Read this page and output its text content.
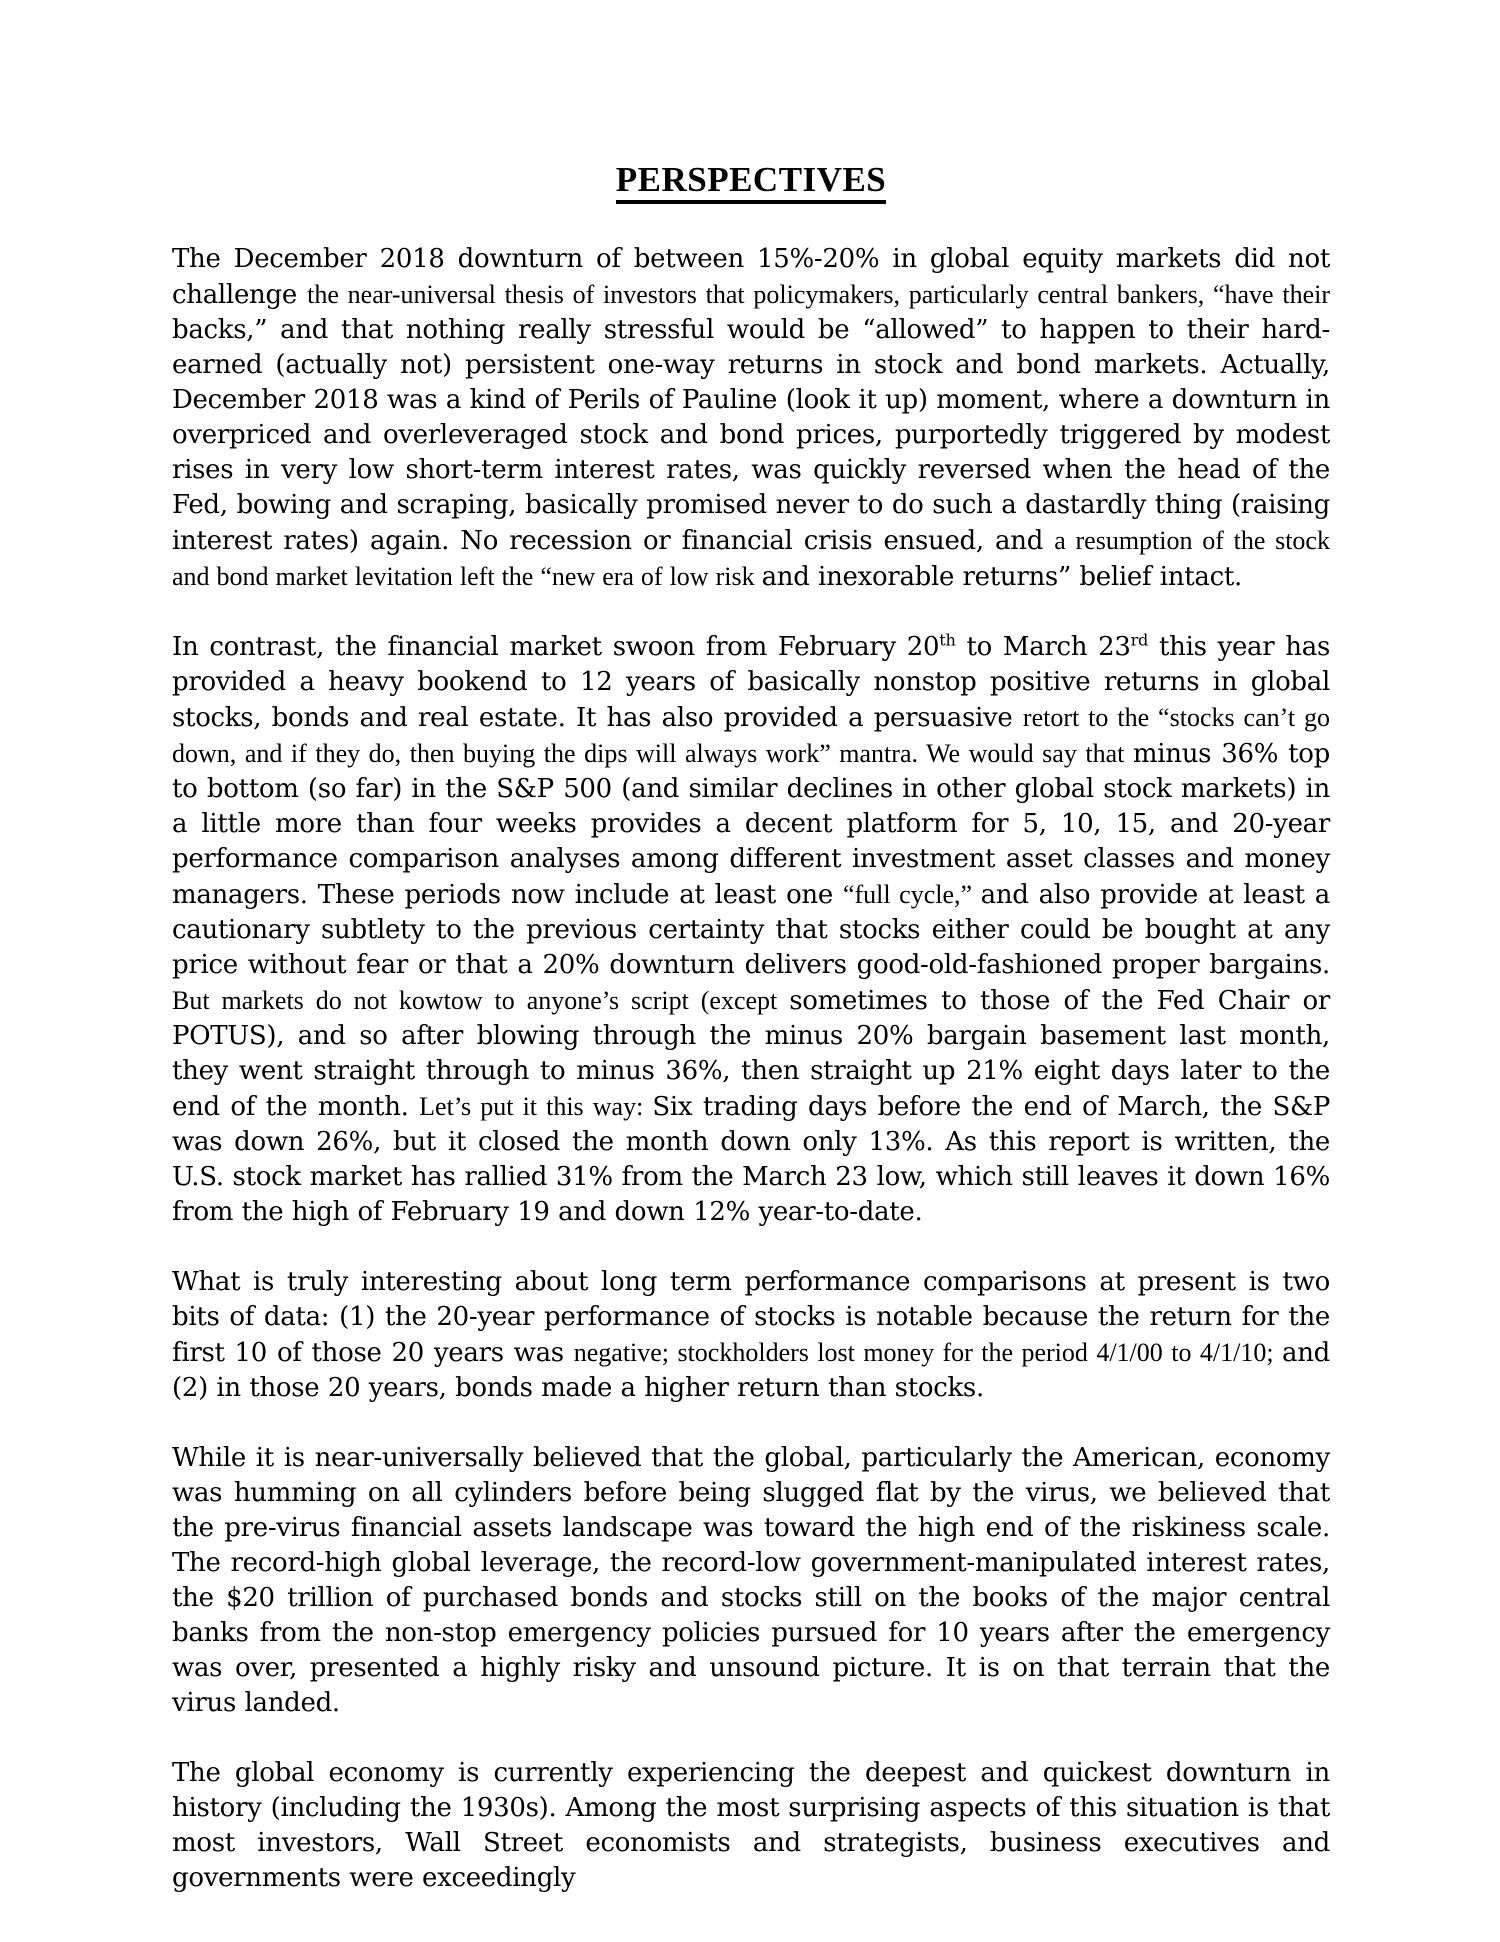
PERSPECTIVES

The December 2018 downturn of between 15%-20% in global equity markets did not challenge the near-universal thesis of investors that policymakers, particularly central bankers, “have their backs,” and that nothing really stressful would be “allowed” to happen to their hard-earned (actually not) persistent one-way returns in stock and bond markets. Actually, December 2018 was a kind of Perils of Pauline (look it up) moment, where a downturn in overpriced and overleveraged stock and bond prices, purportedly triggered by modest rises in very low short-term interest rates, was quickly reversed when the head of the Fed, bowing and scraping, basically promised never to do such a dastardly thing (raising interest rates) again. No recession or financial crisis ensued, and a resumption of the stock and bond market levitation left the “new era of low risk and inexorable returns” belief intact.

In contrast, the financial market swoon from February 20th to March 23rd this year has provided a heavy bookend to 12 years of basically nonstop positive returns in global stocks, bonds and real estate. It has also provided a persuasive retort to the “stocks can’t go down, and if they do, then buying the dips will always work” mantra. We would say that minus 36% top to bottom (so far) in the S&P 500 (and similar declines in other global stock markets) in a little more than four weeks provides a decent platform for 5, 10, 15, and 20-year performance comparison analyses among different investment asset classes and money managers. These periods now include at least one “full cycle,” and also provide at least a cautionary subtlety to the previous certainty that stocks either could be bought at any price without fear or that a 20% downturn delivers good-old-fashioned proper bargains. But markets do not kowtow to anyone’s script (except sometimes to those of the Fed Chair or POTUS), and so after blowing through the minus 20% bargain basement last month, they went straight through to minus 36%, then straight up 21% eight days later to the end of the month. Let’s put it this way: Six trading days before the end of March, the S&P was down 26%, but it closed the month down only 13%. As this report is written, the U.S. stock market has rallied 31% from the March 23 low, which still leaves it down 16% from the high of February 19 and down 12% year-to-date.

What is truly interesting about long term performance comparisons at present is two bits of data: (1) the 20-year performance of stocks is notable because the return for the first 10 of those 20 years was negative; stockholders lost money for the period 4/1/00 to 4/1/10; and (2) in those 20 years, bonds made a higher return than stocks.

While it is near-universally believed that the global, particularly the American, economy was humming on all cylinders before being slugged flat by the virus, we believed that the pre-virus financial assets landscape was toward the high end of the riskiness scale. The record-high global leverage, the record-low government-manipulated interest rates, the $20 trillion of purchased bonds and stocks still on the books of the major central banks from the non-stop emergency policies pursued for 10 years after the emergency was over, presented a highly risky and unsound picture. It is on that terrain that the virus landed.

The global economy is currently experiencing the deepest and quickest downturn in history (including the 1930s). Among the most surprising aspects of this situation is that most investors, Wall Street economists and strategists, business executives and governments were exceedingly
